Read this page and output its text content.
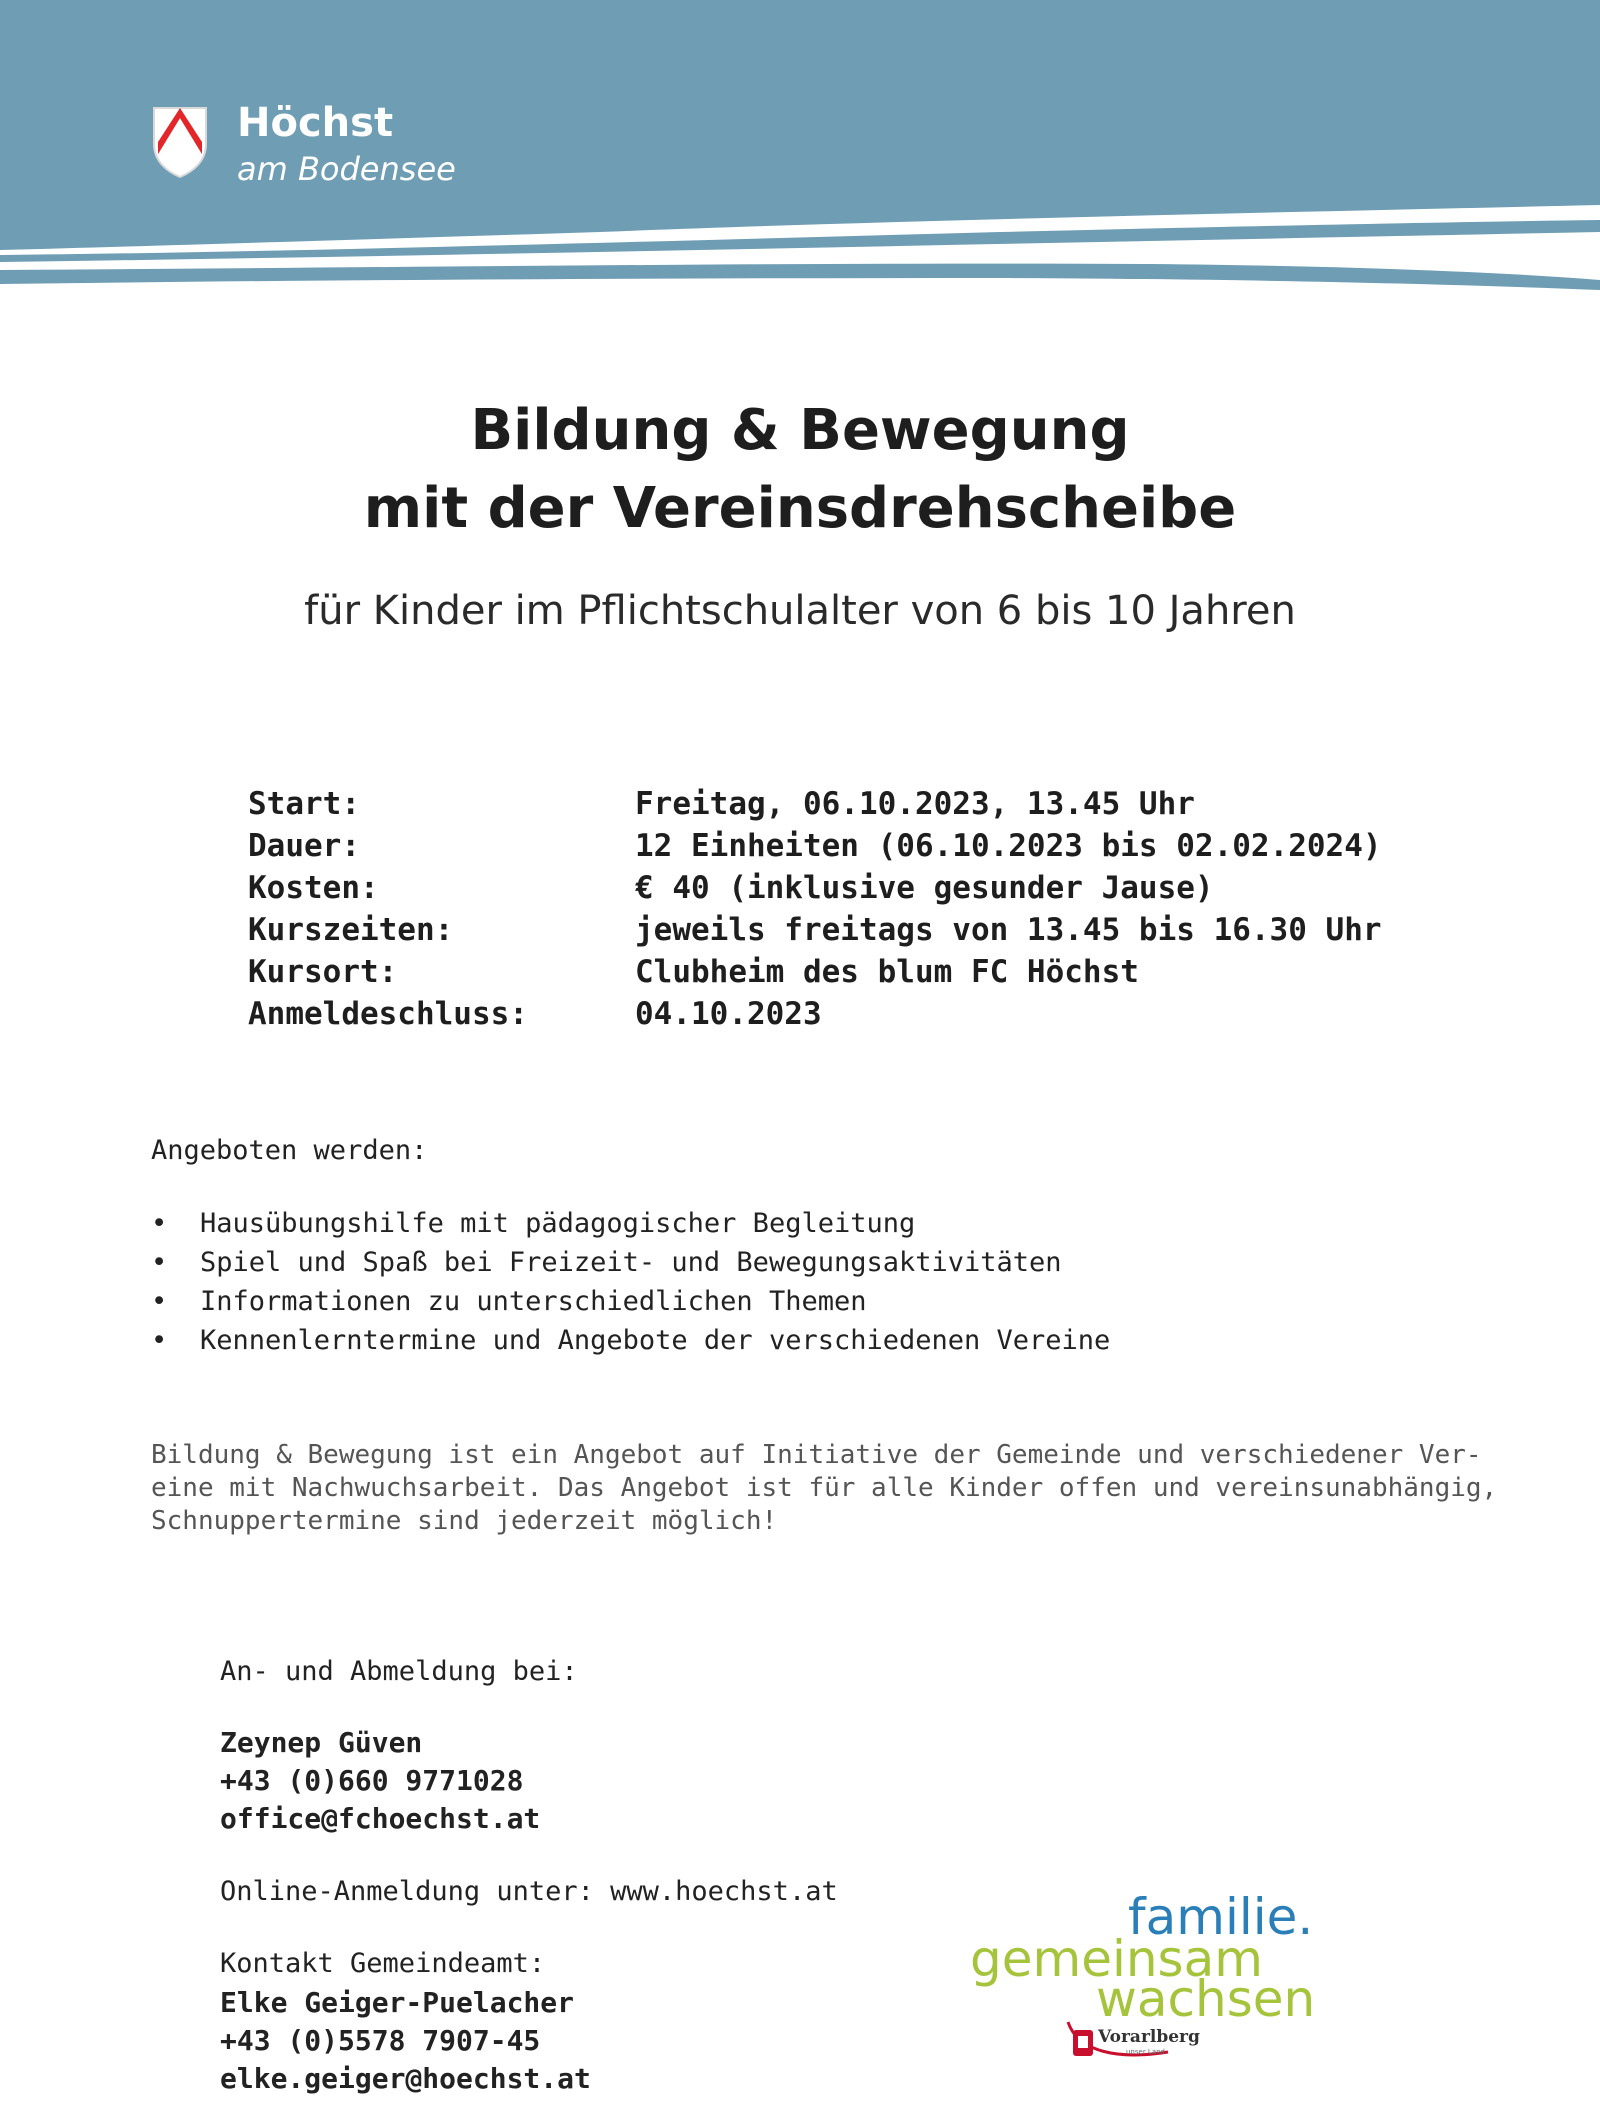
Höchst
am Bodensee
Bildung & Bewegung
mit der Vereinsdrehscheibe
für Kinder im Pflichtschulalter von 6 bis 10 Jahren
Start:	Freitag, 06.10.2023, 13.45 Uhr
Dauer:	12 Einheiten (06.10.2023 bis 02.02.2024)
Kosten:	€ 40 (inklusive gesunder Jause)
Kurszeiten:	jeweils freitags von 13.45 bis 16.30 Uhr
Kursort:	Clubheim des blum FC Höchst
Anmeldeschluss:	04.10.2023
Angeboten werden:
• Hausübungshilfe mit pädagogischer Begleitung
• Spiel und Spaß bei Freizeit- und Bewegungsaktivitäten
• Informationen zu unterschiedlichen Themen
• Kennenlerntermine und Angebote der verschiedenen Vereine
Bildung & Bewegung ist ein Angebot auf Initiative der Gemeinde und verschiedener Ver-
eine mit Nachwuchsarbeit. Das Angebot ist für alle Kinder offen und vereinsunabhängig,
Schnuppertermine sind jederzeit möglich!
An- und Abmeldung bei:
Zeynep Güven
+43 (0)660 9771028
office@fchoechst.at
Online-Anmeldung unter: www.hoechst.at
Kontakt Gemeindeamt:
Elke Geiger-Puelacher
+43 (0)5578 7907-45
elke.geiger@hoechst.at
familie.
gemeinsam
wachsen
Vorarlberg
unser Land
